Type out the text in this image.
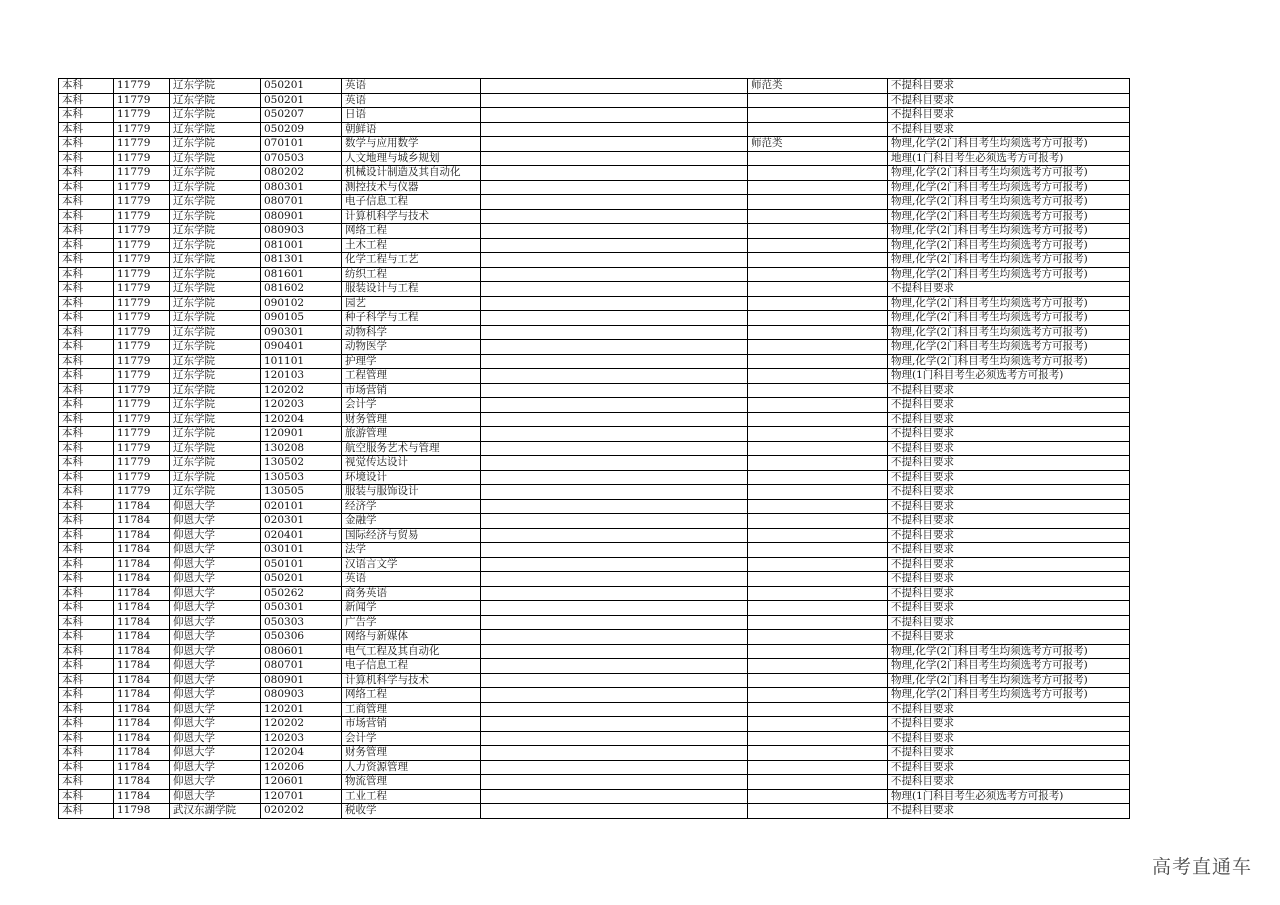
本科	11779	辽东学院	050201	英语		师范类	不提科目要求
本科	11779	辽东学院	050201	英语			不提科目要求
本科	11779	辽东学院	050207	日语			不提科目要求
本科	11779	辽东学院	050209	朝鲜语			不提科目要求
本科	11779	辽东学院	070101	数学与应用数学		师范类	物理,化学(2门科目考生均须选考方可报考)
本科	11779	辽东学院	070503	人文地理与城乡规划			地理(1门科目考生必须选考方可报考)
本科	11779	辽东学院	080202	机械设计制造及其自动化			物理,化学(2门科目考生均须选考方可报考)
本科	11779	辽东学院	080301	测控技术与仪器			物理,化学(2门科目考生均须选考方可报考)
本科	11779	辽东学院	080701	电子信息工程			物理,化学(2门科目考生均须选考方可报考)
本科	11779	辽东学院	080901	计算机科学与技术			物理,化学(2门科目考生均须选考方可报考)
本科	11779	辽东学院	080903	网络工程			物理,化学(2门科目考生均须选考方可报考)
本科	11779	辽东学院	081001	土木工程			物理,化学(2门科目考生均须选考方可报考)
本科	11779	辽东学院	081301	化学工程与工艺			物理,化学(2门科目考生均须选考方可报考)
本科	11779	辽东学院	081601	纺织工程			物理,化学(2门科目考生均须选考方可报考)
本科	11779	辽东学院	081602	服装设计与工程			不提科目要求
本科	11779	辽东学院	090102	园艺			物理,化学(2门科目考生均须选考方可报考)
本科	11779	辽东学院	090105	种子科学与工程			物理,化学(2门科目考生均须选考方可报考)
本科	11779	辽东学院	090301	动物科学			物理,化学(2门科目考生均须选考方可报考)
本科	11779	辽东学院	090401	动物医学			物理,化学(2门科目考生均须选考方可报考)
本科	11779	辽东学院	101101	护理学			物理,化学(2门科目考生均须选考方可报考)
本科	11779	辽东学院	120103	工程管理			物理(1门科目考生必须选考方可报考)
本科	11779	辽东学院	120202	市场营销			不提科目要求
本科	11779	辽东学院	120203	会计学			不提科目要求
本科	11779	辽东学院	120204	财务管理			不提科目要求
本科	11779	辽东学院	120901	旅游管理			不提科目要求
本科	11779	辽东学院	130208	航空服务艺术与管理			不提科目要求
本科	11779	辽东学院	130502	视觉传达设计			不提科目要求
本科	11779	辽东学院	130503	环境设计			不提科目要求
本科	11779	辽东学院	130505	服装与服饰设计			不提科目要求
本科	11784	仰恩大学	020101	经济学			不提科目要求
本科	11784	仰恩大学	020301	金融学			不提科目要求
本科	11784	仰恩大学	020401	国际经济与贸易			不提科目要求
本科	11784	仰恩大学	030101	法学			不提科目要求
本科	11784	仰恩大学	050101	汉语言文学			不提科目要求
本科	11784	仰恩大学	050201	英语			不提科目要求
本科	11784	仰恩大学	050262	商务英语			不提科目要求
本科	11784	仰恩大学	050301	新闻学			不提科目要求
本科	11784	仰恩大学	050303	广告学			不提科目要求
本科	11784	仰恩大学	050306	网络与新媒体			不提科目要求
本科	11784	仰恩大学	080601	电气工程及其自动化			物理,化学(2门科目考生均须选考方可报考)
本科	11784	仰恩大学	080701	电子信息工程			物理,化学(2门科目考生均须选考方可报考)
本科	11784	仰恩大学	080901	计算机科学与技术			物理,化学(2门科目考生均须选考方可报考)
本科	11784	仰恩大学	080903	网络工程			物理,化学(2门科目考生均须选考方可报考)
本科	11784	仰恩大学	120201	工商管理			不提科目要求
本科	11784	仰恩大学	120202	市场营销			不提科目要求
本科	11784	仰恩大学	120203	会计学			不提科目要求
本科	11784	仰恩大学	120204	财务管理			不提科目要求
本科	11784	仰恩大学	120206	人力资源管理			不提科目要求
本科	11784	仰恩大学	120601	物流管理			不提科目要求
本科	11784	仰恩大学	120701	工业工程			物理(1门科目考生必须选考方可报考)
本科	11798	武汉东湖学院	020202	税收学			不提科目要求
高考直通车
